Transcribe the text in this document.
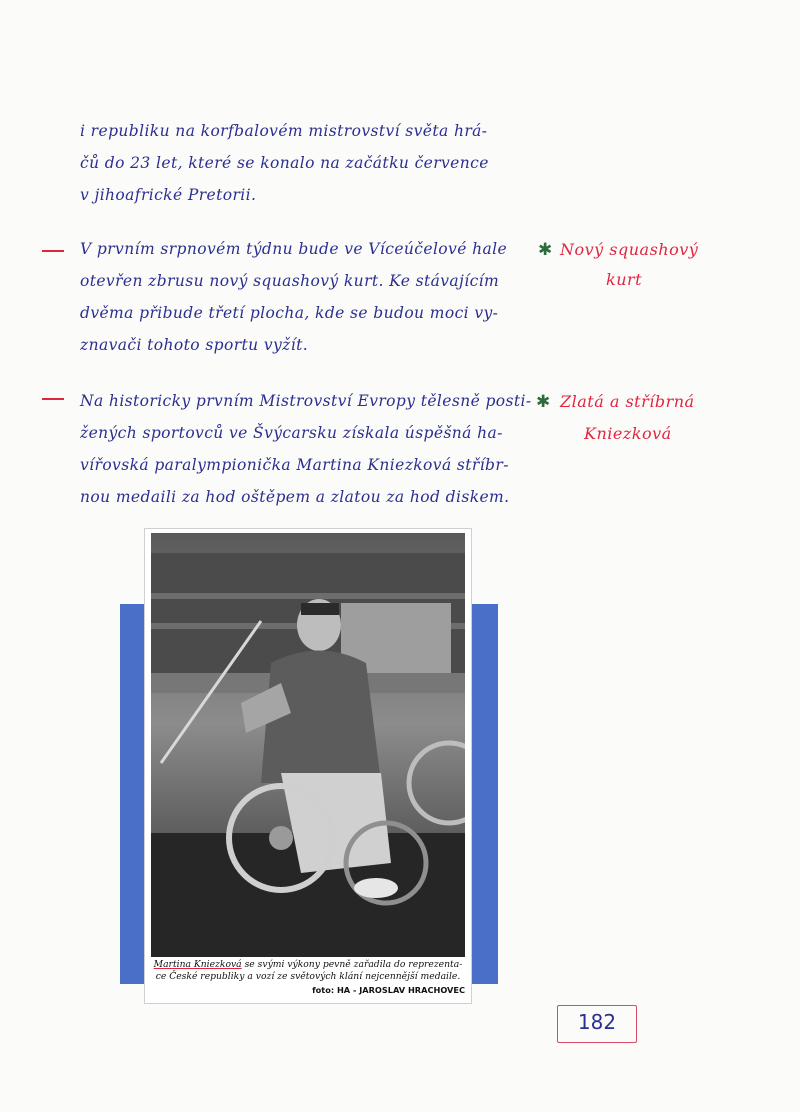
i republiku na korfbalovém mistrovství světa hrá-
čů do 23 let, které se konalo na začátku července
v jihoafrické Pretorii.
V prvním srpnovém týdnu bude ve Víceúčelové hale
otevřen zbrusu nový squashový kurt. Ke stávajícím
dvěma přibude třetí plocha, kde se budou moci vy-
znavači tohoto sportu vyžít.
✱ Nový squashový
kurt
Na historicky prvním Mistrovství Evropy tělesně posti-
žených sportovců ve Švýcarsku získala úspěšná ha-
vířovská paralympionička Martina Kniezková stříbr-
nou medaili za hod oštěpem a zlatou za hod diskem.
✱ Zlatá a stříbrná
Kniezková
Martina Kniezková se svými výkony pevně zařadila do reprezenta-
ce České republiky a vozí ze světových klání nejcennější medaile.
foto: HA - JAROSLAV HRACHOVEC
182
